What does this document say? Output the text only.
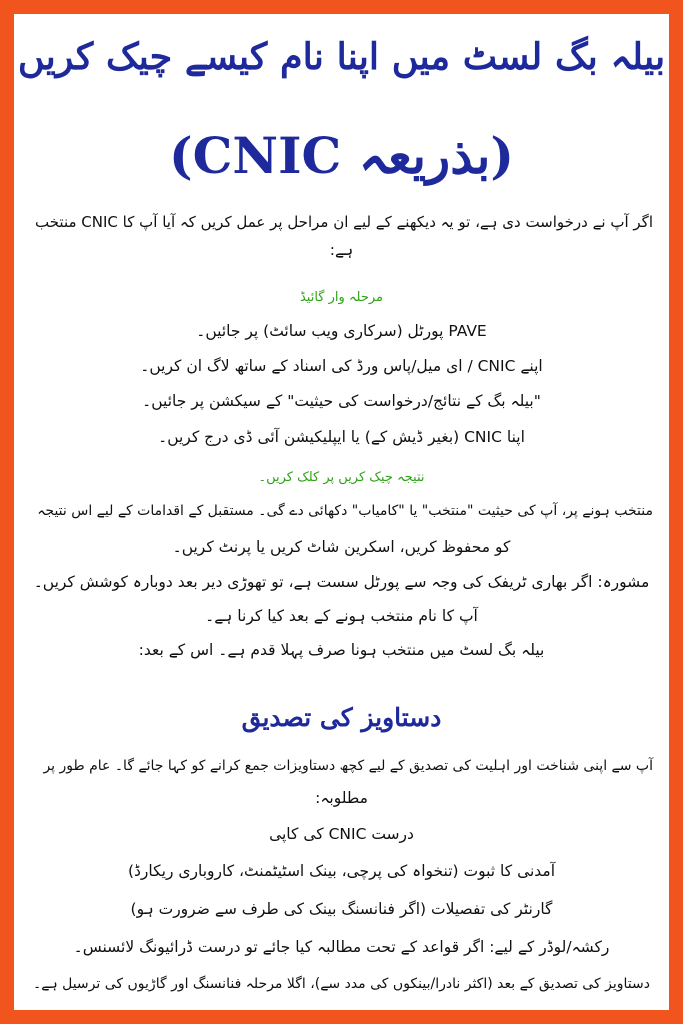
بیلہ بگ لسٹ میں اپنا نام کیسے چیک کریں
(بذریعہ CNIC)
اگر آپ نے درخواست دی ہے، تو یہ دیکھنے کے لیے ان مراحل پر عمل کریں کہ آیا آپ کا CNIC منتخب
ہے:
مرحلہ وار گائیڈ
PAVE پورٹل (سرکاری ویب سائٹ) پر جائیں۔
اپنے CNIC / ای میل/پاس ورڈ کی اسناد کے ساتھ لاگ ان کریں۔
"بیلہ بگ کے نتائج/درخواست کی حیثیت" کے سیکشن پر جائیں۔
اپنا CNIC (بغیر ڈیش کے) یا ایپلیکیشن آئی ڈی درج کریں۔
نتیجہ چیک کریں پر کلک کریں۔
منتخب ہونے پر، آپ کی حیثیت "منتخب" یا "کامیاب" دکھائی دے گی۔ مستقبل کے اقدامات کے لیے اس نتیجہ
کو محفوظ کریں، اسکرین شاٹ کریں یا پرنٹ کریں۔
مشورہ: اگر بھاری ٹریفک کی وجہ سے پورٹل سست ہے، تو تھوڑی دیر بعد دوبارہ کوشش کریں۔
آپ کا نام منتخب ہونے کے بعد کیا کرنا ہے۔
بیلہ بگ لسٹ میں منتخب ہونا صرف پہلا قدم ہے۔ اس کے بعد:
دستاویز کی تصدیق
آپ سے اپنی شناخت اور اہلیت کی تصدیق کے لیے کچھ دستاویزات جمع کرانے کو کہا جائے گا۔ عام طور پر
مطلوبہ:
درست CNIC کی کاپی
آمدنی کا ثبوت (تنخواہ کی پرچی، بینک اسٹیٹمنٹ، کاروباری ریکارڈ)
گارنٹر کی تفصیلات (اگر فنانسنگ بینک کی طرف سے ضرورت ہو)
رکشہ/لوڈر کے لیے: اگر قواعد کے تحت مطالبہ کیا جائے تو درست ڈرائیونگ لائسنس۔
دستاویز کی تصدیق کے بعد (اکثر نادرا/بینکوں کی مدد سے)، اگلا مرحلہ فنانسنگ اور گاڑیوں کی ترسیل ہے۔
